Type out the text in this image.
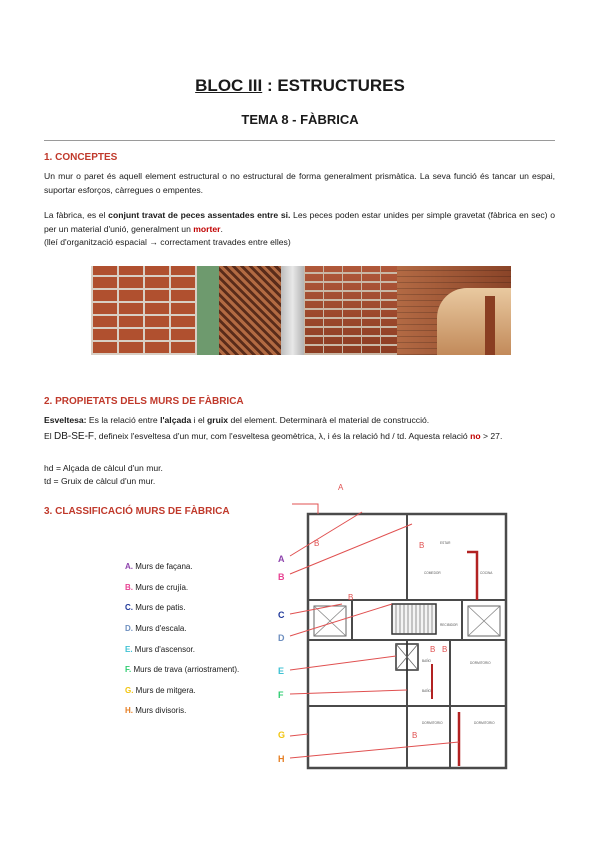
BLOC III : ESTRUCTURES
TEMA 8 - FÀBRICA
1. CONCEPTES
Un mur o paret és aquell element estructural o no estructural de forma generalment prismàtica. La seva funció és tancar un espai, suportar esforços, càrregues o empentes.
La fàbrica, es el conjunt travat de peces assentades entre si. Les peces poden estar unides per simple gravetat (fàbrica en sec) o per un material d'unió, generalment un morter.
(lleí d'organització espacial → correctament travades entre elles)
2. PROPIETATS DELS MURS DE FÀBRICA
Esveltesa: Es la relació entre l'alçada i el gruix del element. Determinarà el material de construcció.
El DB-SE-F, defineix l'esveltesa d'un mur, com l'esveltesa geomètrica, λ, i és la relació hd / td. Aquesta relació no > 27.
hd = Alçada de càlcul d'un mur.
td = Gruix de càlcul d'un mur.
3. CLASSIFICACIÓ MURS DE FÀBRICA
A. Murs de façana.
B. Murs de crujía.
C. Murs de patis.
D. Murs d'escala.
E. Murs d'ascensor.
F. Murs de trava (arriostrament).
G. Murs de mitgera.
H. Murs divisoris.
A
B	B
B
B
B
B
ESTAR
COMEDOR	COCINA
RECIBIDOR
DORMITORIO
BAÑO
BAÑO
DORMITORIO	DORMITORIO
A
B
C
D
E
F
G
H
